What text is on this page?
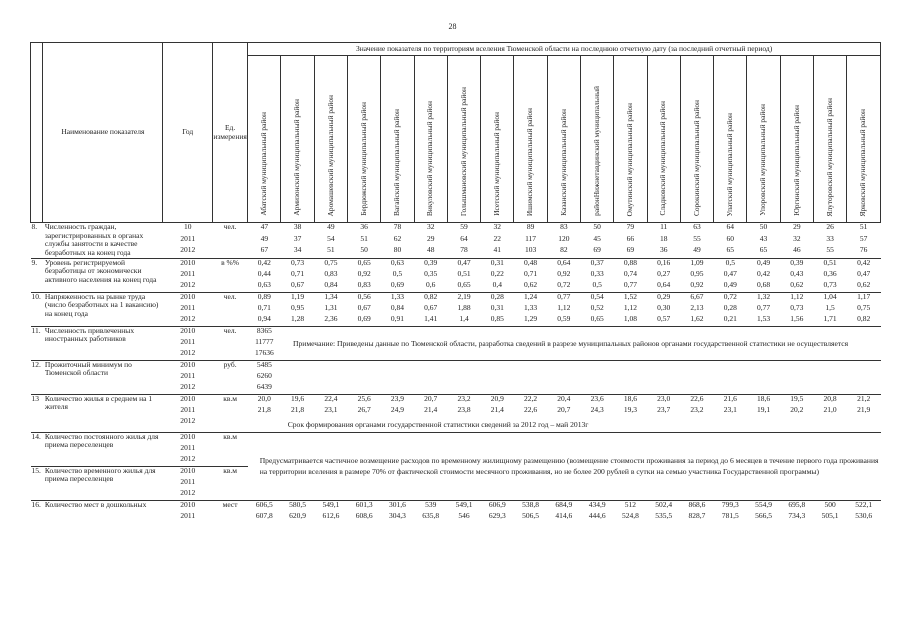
28
	Наименование показателя	Год	Ед. измерения	Значение показателя по территориям вселения Тюменской области на последнюю отчетную дату (за последний отчетный период)																		

				Абатский муниципальный район	Армизонский муниципальный район	Аромашевский муниципальный район	Бердюжский муниципальный район	Вагайский муниципальный район	Викуловский муниципальный район	Голышмановский муниципальный район	Исетский муниципальный район	Ишимский муниципальный район	Казанский муниципальный район	районНижнетавдинский муниципальный	Омутинский муниципальный район	Сладковский муниципальный район	Сорокинский муниципальный район	Упатский муниципальный район	Упоровский муниципальный район	Юргинский муниципальный район	Ялуторовский муниципальный район	Ярковский муниципальный район

8.	Численность граждан, зарегистрированных в органах службы занятости в качестве безработных на конец года	10	чел.	47	38	49	36	78	32	59	32	89	83	50	79	11	63	64	50	29	26	51
		2011		49	37	54	51	62	29	64	22	117	120	45	66	18	55	60	43	32	33	57
		2012		67	34	51	50	80	48	78	41	103	82	69	69	36	49	65	65	46	55	76
9.	Уровень регистрируемой безработицы от экономически активного населения на конец года	2010	в %%	0,42	0,73	0,75	0,65	0,63	0,39	0,47	0,31	0,48	0,64	0,37	0,88	0,16	1,09	0,5	0,49	0,39	0,51	0,42
		2011		0,44	0,71	0,83	0,92	0,5	0,35	0,51	0,22	0,71	0,92	0,33	0,74	0,27	0,95	0,47	0,42	0,43	0,36	0,47
		2012		0,63	0,67	0,84	0,83	0,69	0,6	0,65	0,4	0,62	0,72	0,5	0,77	0,64	0,92	0,49	0,68	0,62	0,73	0,62
10.	Напряженность на рынке труда (число безработных на 1 вакансию) на конец года	2010	чел.	0,89	1,19	1,34	0,56	1,33	0,82	2,19	0,28	1,24	0,77	0,54	1,52	0,29	6,67	0,72	1,32	1,12	1,04	1,17
		2011		0,71	0,95	1,31	0,67	0,84	0,67	1,88	0,31	1,33	1,12	0,52	1,12	0,30	2,13	0,28	0,77	0,73	1,5	0,75
		2012		0,94	1,28	2,36	0,69	0,91	1,41	1,4	0,85	1,29	0,59	0,65	1,08	0,57	1,62	0,21	1,53	1,56	1,71	0,82
11.	Численность привлеченных иностранных работников	2010	чел.	8365	Примечание: Приведены данные по Тюменской области, разработка сведений в разрезе муниципальных районов органами государственной статистики не осуществляется																	
		2011		11777																		
		2012		17636																		
12.	Прожиточный минимум по Тюменской области	2010	руб.	5485																		
		2011		6260																		
		2012		6439																		
13	Количество жилья в среднем на 1 жителя	2010	кв.м	20,0	19,6	22,4	25,6	23,9	20,7	23,2	20,9	22,2	20,4	23,6	18,6	23,0	22,6	21,6	18,6	19,5	20,8	21,2
		2011		21,8	21,8	23,1	26,7	24,9	21,4	23,8	21,4	22,6	20,7	24,3	19,3	23,7	23,2	23,1	19,1	20,2	21,0	21,9
		2012		Срок формирования органами государственной статистики сведений за 2012 год – май 2013г																		
14.	Количество постоянного жилья для приема переселенцев	2010	кв.м	Предусматривается частичное возмещение расходов по временному жилищному размещению (возмещение стоимости проживания за период до 6 месяцев в течение первого года проживания на территории вселения в размере 70% от фактической стоимости месячного проживания, но не более 200 рублей в сутки на семью участника Государственной программы)																		
		2011																				
		2012																				
15.	Количество временного жилья для приема переселенцев	2010	кв.м																			
		2011																				
		2012																				
16.	Количество мест в дошкольных	2010	мест	606,5	580,5	549,1	601,3	301,6	539	549,1	606,9	538,8	684,9	434,9	512	502,4	868,6	799,3	554,9	695,8	500	522,1
		2011		607,8	620,9	612,6	608,6	304,3	635,8	546	629,3	506,5	414,6	444,6	524,8	535,5	828,7	781,5	566,5	734,3	505,1	530,6
